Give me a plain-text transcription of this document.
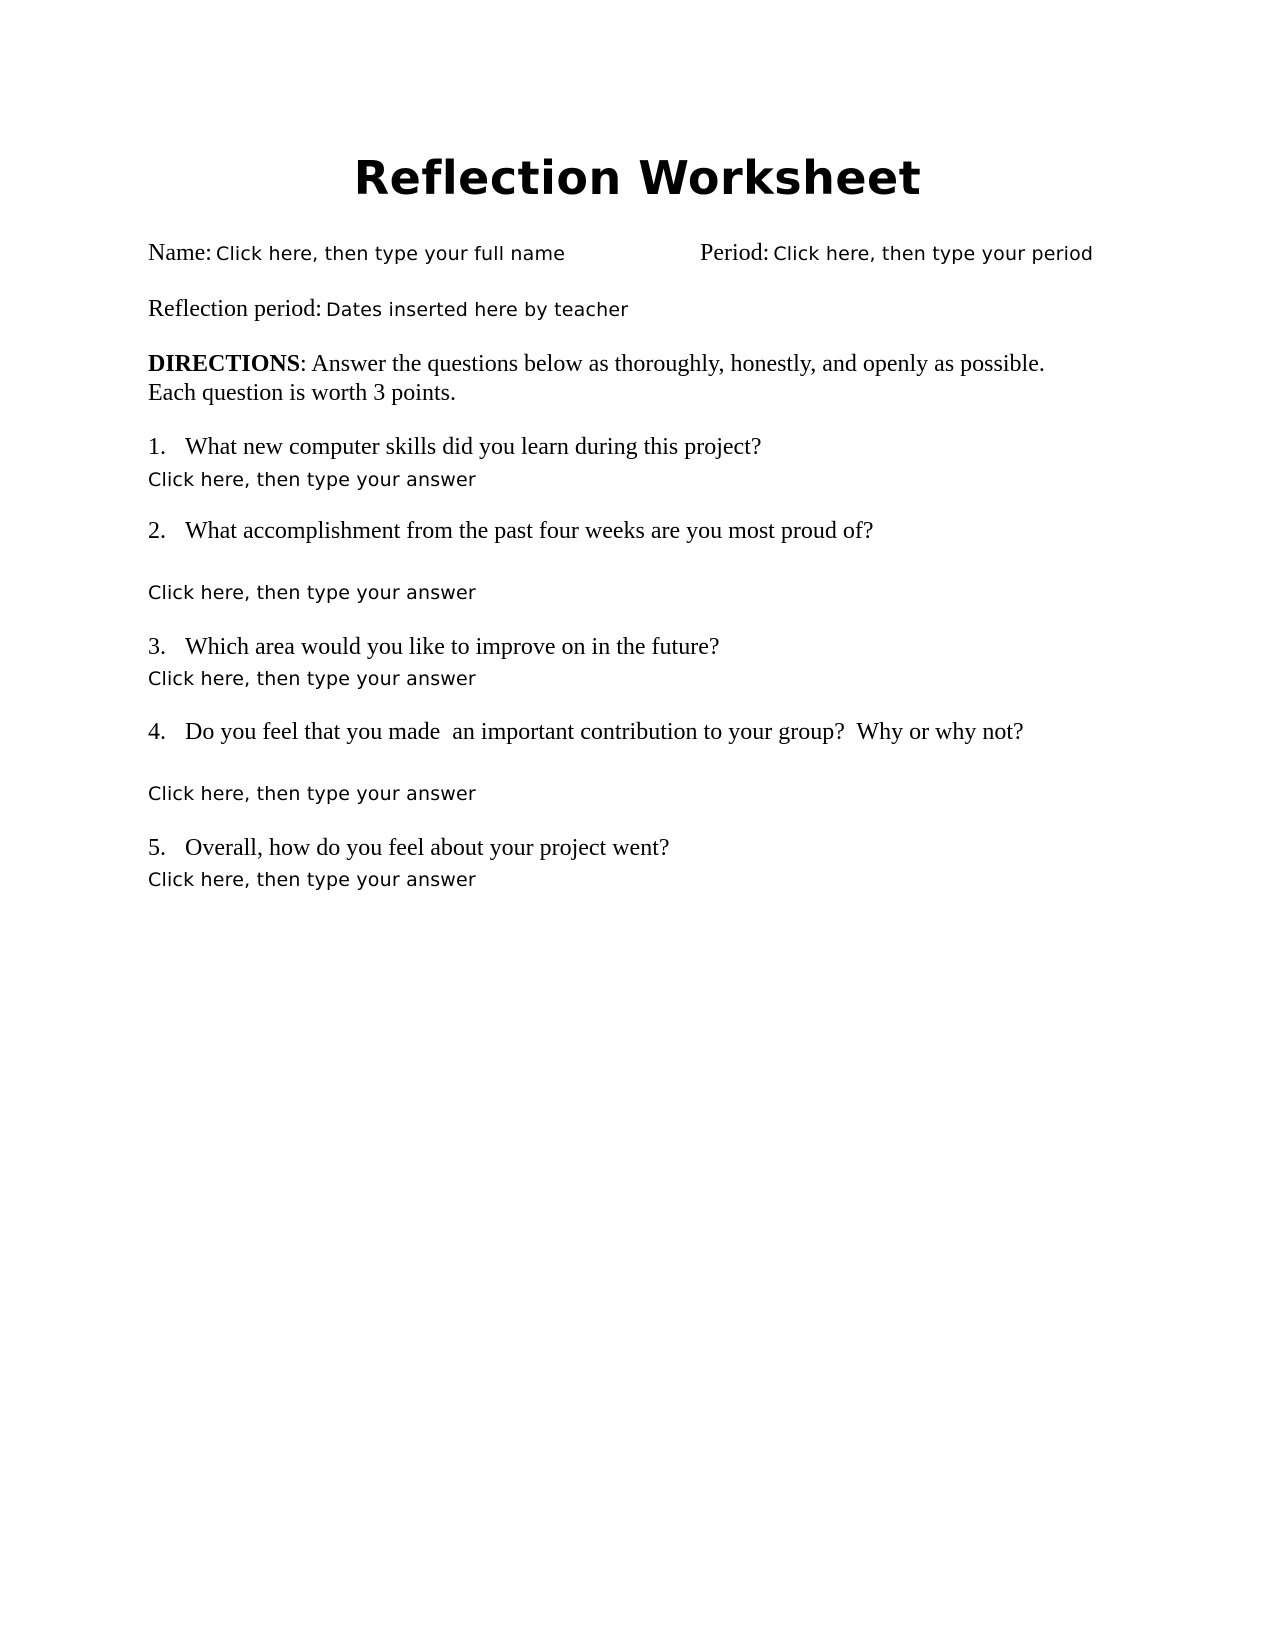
Reflection Worksheet
Name: Click here, then type your full name	Period: Click here, then type your period
Reflection period: Dates inserted here by teacher
DIRECTIONS: Answer the questions below as thoroughly, honestly, and openly as possible.
Each question is worth 3 points.
1. What new computer skills did you learn during this project?
Click here, then type your answer
2. What accomplishment from the past four weeks are you most proud of?
Click here, then type your answer
3. Which area would you like to improve on in the future?
Click here, then type your answer
4. Do you feel that you made  an important contribution to your group?  Why or why not?
Click here, then type your answer
5. Overall, how do you feel about your project went?
Click here, then type your answer
